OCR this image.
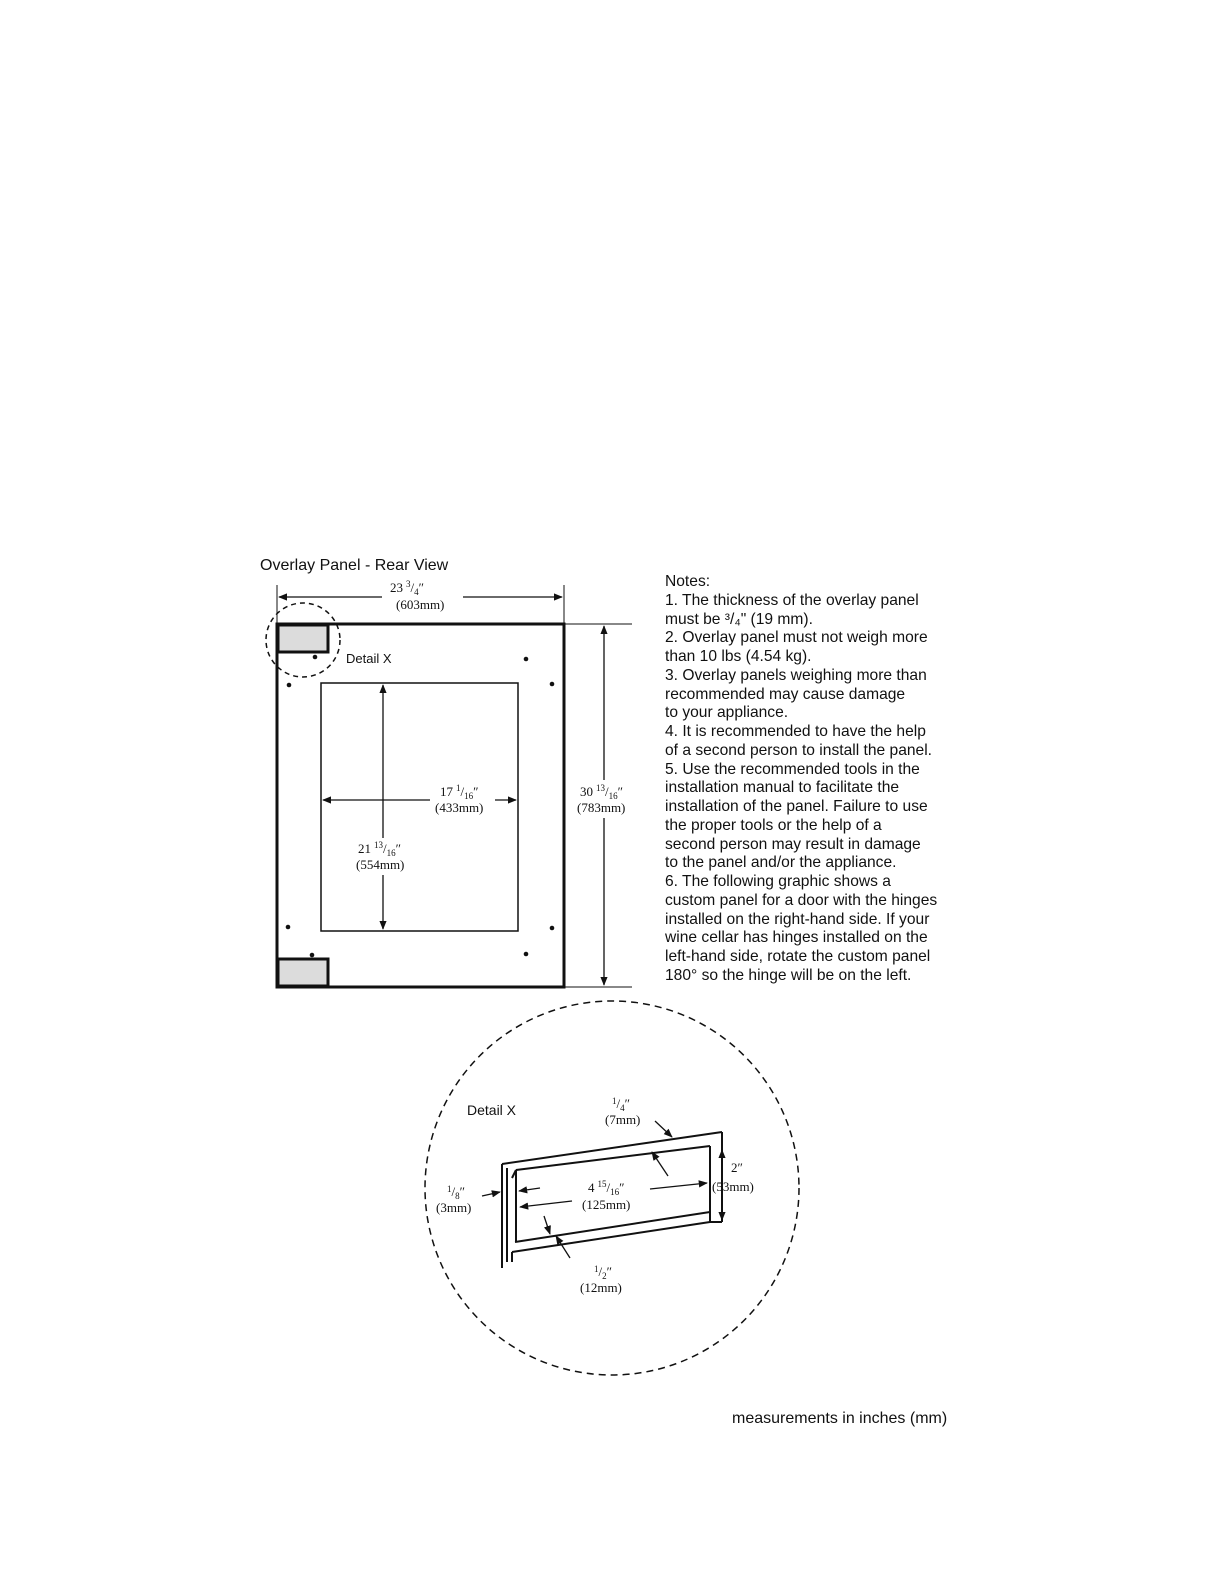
Overlay Panel - Rear View
Detail X
23 $^3/_4''$
(603mm)
30 $^{13}/_{16}''$
(783mm)
17 $^1/_{16}''$
(433mm)
21 $^{13}/_{16}''$
(554mm)
Detail X
$^1/_4''$
(7mm)
$^1/_8''$
(3mm)
4 $^{15}/_{16}''$
(125mm)
2″
(53mm)
$^1/_2''$
(12mm)
Notes:
1. The thickness of the overlay panel
must be ³/₄" (19 mm).
2. Overlay panel must not weigh more
than 10 lbs (4.54 kg).
3. Overlay panels weighing more than
recommended may cause damage
to your appliance.
4. It is recommended to have the help
of a second person to install the panel.
5. Use the recommended tools in the
installation manual to facilitate the
installation of the panel. Failure to use
the proper tools or the help of a
second person may result in damage
to the panel and/or the appliance.
6. The following graphic shows a
custom panel for a door with the hinges
installed on the right-hand side. If your
wine cellar has hinges installed on the
left-hand side, rotate the custom panel
180° so the hinge will be on the left.
measurements in inches (mm)
